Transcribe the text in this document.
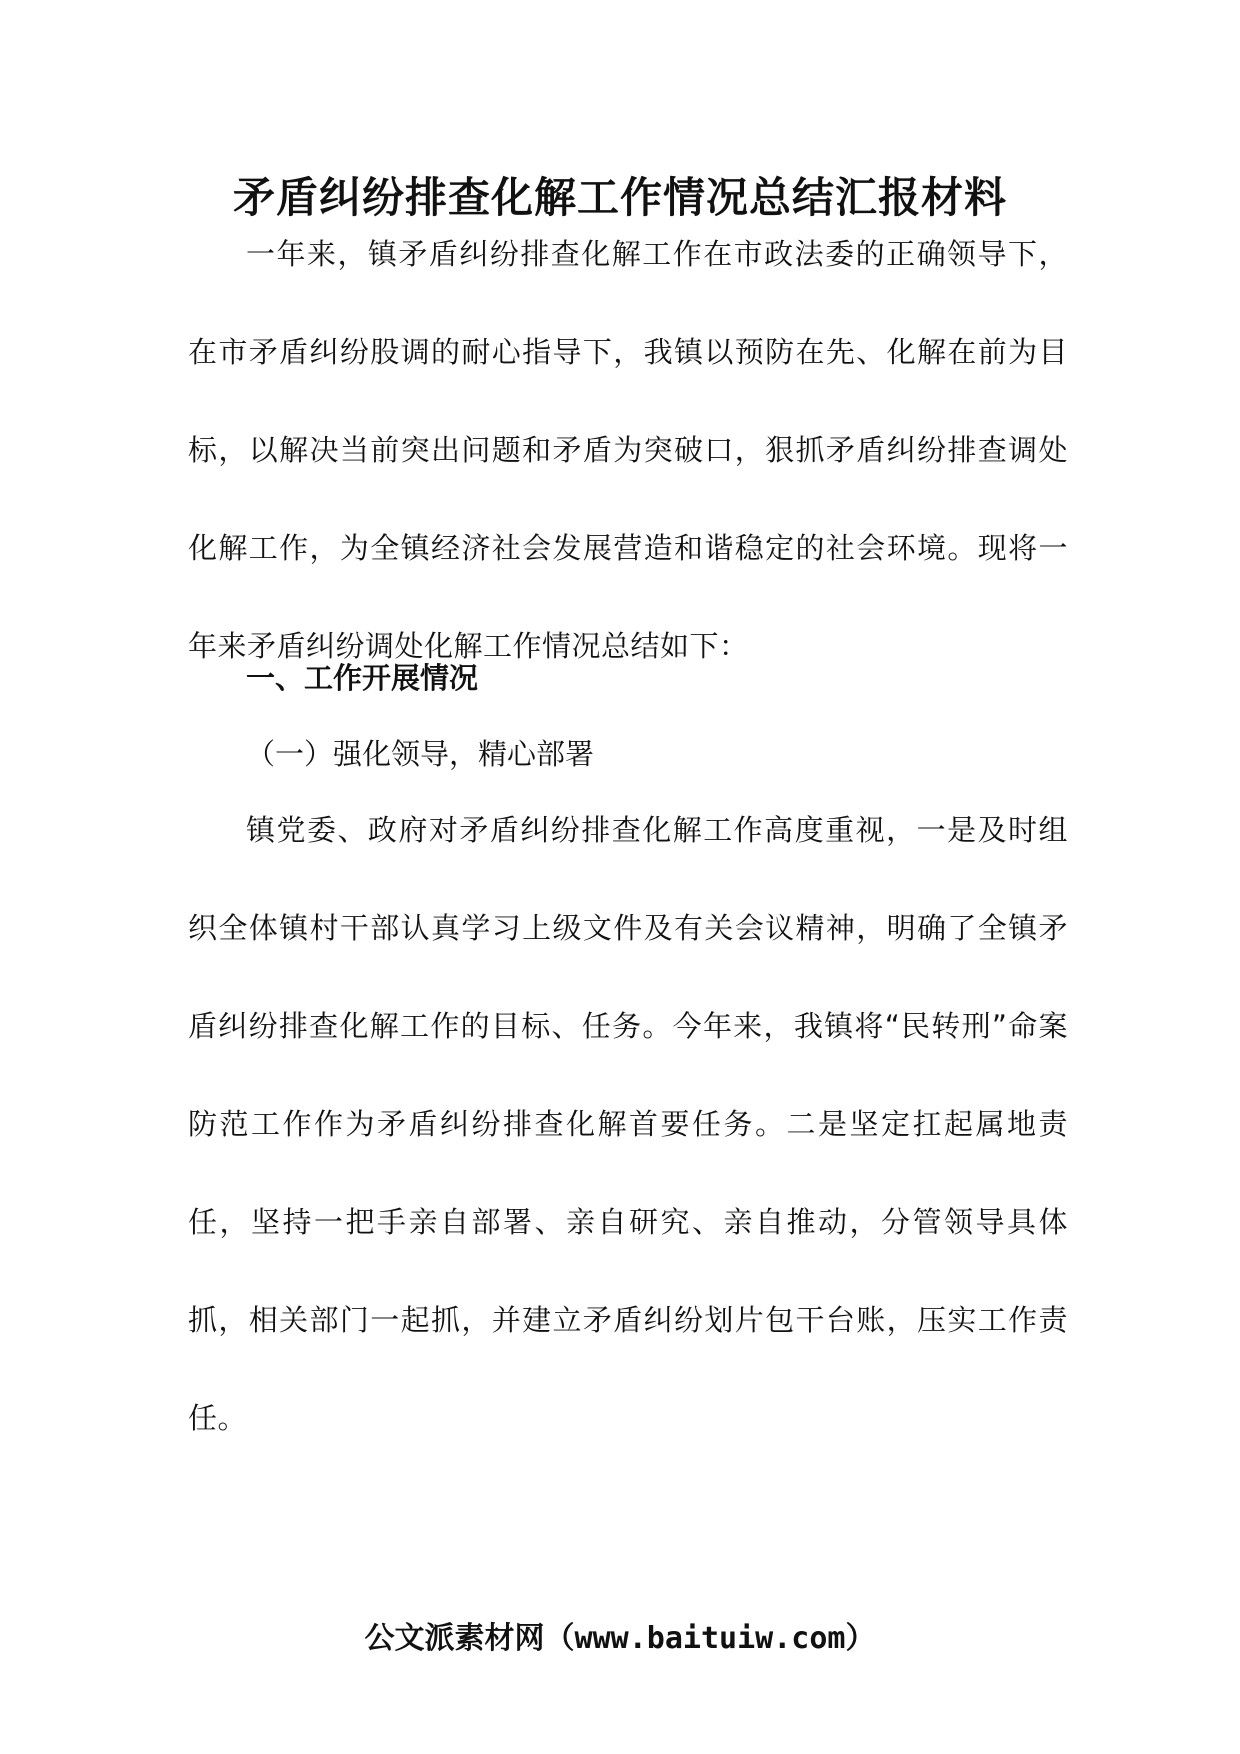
矛盾纠纷排查化解工作情况总结汇报材料

一年来，镇矛盾纠纷排查化解工作在市政法委的正确领导下，在市矛盾纠纷股调的耐心指导下，我镇以预防在先、化解在前为目标，以解决当前突出问题和矛盾为突破口，狠抓矛盾纠纷排查调处化解工作，为全镇经济社会发展营造和谐稳定的社会环境。现将一年来矛盾纠纷调处化解工作情况总结如下：

一、工作开展情况
（一）强化领导，精心部署

镇党委、政府对矛盾纠纷排查化解工作高度重视，一是及时组织全体镇村干部认真学习上级文件及有关会议精神，明确了全镇矛盾纠纷排查化解工作的目标、任务。今年来，我镇将“民转刑”命案防范工作作为矛盾纠纷排查化解首要任务。二是坚定扛起属地责任，坚持一把手亲自部署、亲自研究、亲自推动，分管领导具体抓，相关部门一起抓，并建立矛盾纠纷划片包干台账，压实工作责任。

公文派素材网（www.baituiw.com）
